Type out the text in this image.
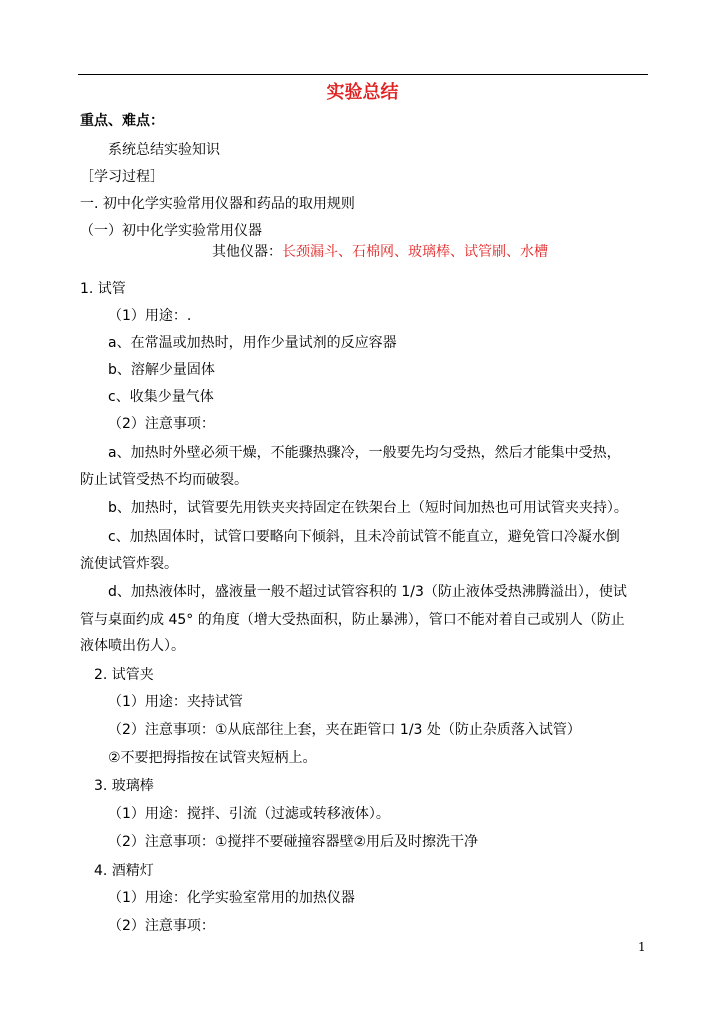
实验总结
重点、难点：
系统总结实验知识
［学习过程］
一. 初中化学实验常用仪器和药品的取用规则
（一）初中化学实验常用仪器
其他仪器：长颈漏斗、石棉网、玻璃棒、试管刷、水槽
1. 试管
（1）用途：.
a、在常温或加热时，用作少量试剂的反应容器
b、溶解少量固体
c、收集少量气体
（2）注意事项：
a、加热时外壁必须干燥，不能骤热骤冷，一般要先均匀受热，然后才能集中受热，
防止试管受热不均而破裂。
b、加热时，试管要先用铁夹夹持固定在铁架台上（短时间加热也可用试管夹夹持）。
c、加热固体时，试管口要略向下倾斜，且未冷前试管不能直立，避免管口冷凝水倒
流使试管炸裂。
d、加热液体时，盛液量一般不超过试管容积的 1/3（防止液体受热沸腾溢出），使试
管与桌面约成 45° 的角度（增大受热面积，防止暴沸），管口不能对着自己或别人（防止
液体喷出伤人）。
2. 试管夹
（1）用途：夹持试管
（2）注意事项：①从底部往上套，夹在距管口 1/3 处（防止杂质落入试管）
②不要把拇指按在试管夹短柄上。
3. 玻璃棒
（1）用途：搅拌、引流（过滤或转移液体）。
（2）注意事项：①搅拌不要碰撞容器壁②用后及时擦洗干净
4. 酒精灯
（1）用途：化学实验室常用的加热仪器
（2）注意事项：
1
